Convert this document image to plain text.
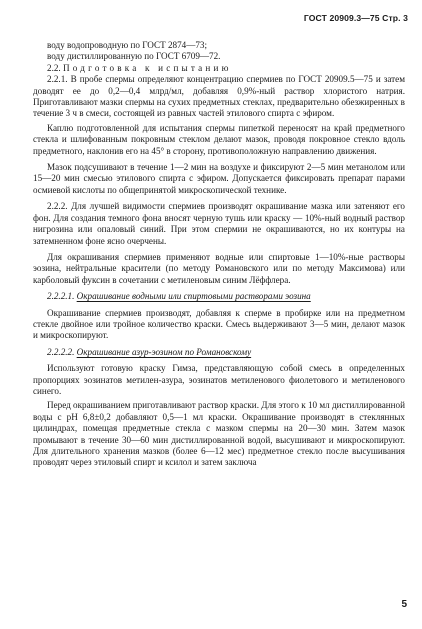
ГОСТ 20909.3—75 Стр. 3

воду водопроводную по ГОСТ 2874—73;

воду дистиллированную по ГОСТ 6709—72.

2.2. Подготовка к испытанию

2.2.1. В пробе спермы определяют концентрацию спермиев по ГОСТ 20909.5—75 и затем доводят ее до 0,2—0,4 млрд/мл, добавляя 0,9%-ный раствор хлористого натрия. Приготавливают мазки спермы на сухих предметных стеклах, предварительно обезжиренных в течение 3 ч в смеси, состоящей из равных частей этилового спирта с эфиром.

Каплю подготовленной для испытания спермы пипеткой переносят на край предметного стекла и шлифованным покровным стеклом делают мазок, проводя покровное стекло вдоль предметного, наклонив его на 45° в сторону, противоположную направлению движения.

Мазок подсушивают в течение 1—2 мин на воздухе и фиксируют 2—5 мин метанолом или 15—20 мин смесью этилового спирта с эфиром. Допускается фиксировать препарат парами осмиевой кислоты по общепринятой микроскопической технике.

2.2.2. Для лучшей видимости спермиев производят окрашивание мазка или затеняют его фон. Для создания темного фона вносят черную тушь или краску — 10%-ный водный раствор нигрозина или опаловый синий. При этом спермии не окрашиваются, но их контуры на затемненном фоне ясно очерчены.

Для окрашивания спермиев применяют водные или спиртовые 1—10%-ные растворы эозина, нейтральные красители (по методу Романовского или по методу Максимова) или карболовый фуксин в сочетании с метиленовым синим Лёффлера.

2.2.2.1. Окрашивание водными или спиртовыми растворами эозина

Окрашивание спермиев производят, добавляя к сперме в пробирке или на предметном стекле двойное или тройное количество краски. Смесь выдерживают 3—5 мин, делают мазок и микроскопируют.

2.2.2.2. Окрашивание азур-эозином по Романовскому

Используют готовую краску Гимза, представляющую собой смесь в определенных пропорциях эозинатов метилен-азура, эозинатов метиленового фиолетового и метиленового синего.

Перед окрашиванием приготавливают раствор краски. Для этого к 10 мл дистиллированной воды с рН 6,8±0,2 добавляют 0,5—1 мл краски. Окрашивание производят в стеклянных цилиндрах, помещая предметные стекла с мазком спермы на 20—30 мин. Затем мазок промывают в течение 30—60 мин дистиллированной водой, высушивают и микроскопируют. Для длительного хранения мазков (более 6—12 мес) предметное стекло после высушивания проводят через этиловый спирт и ксилол и затем заключа

5
